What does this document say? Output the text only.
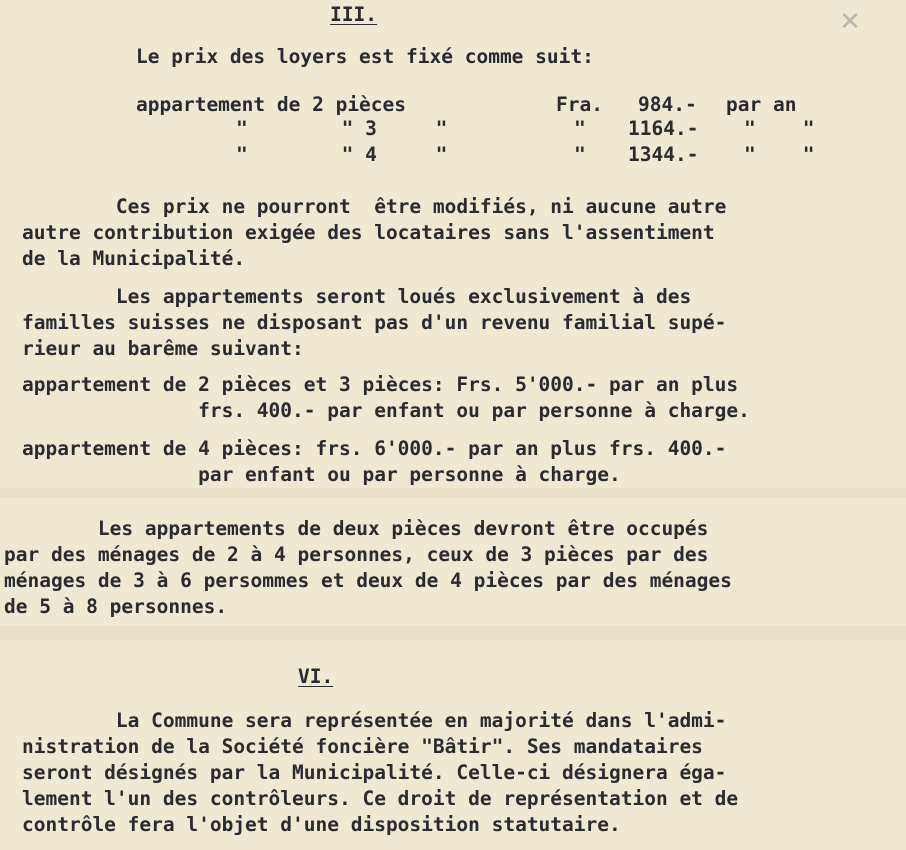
✕
III.
Le prix des loyers est fixé comme suit:
appartement de 2 pièces	Fra. 984.- par an
"        " 3     "	" 1164.- "    "
"        " 4     "	" 1344.- "    "
Ces prix ne pourront  être modifiés, ni aucune autre
autre contribution exigée des locataires sans l'assentiment
de la Municipalité.
Les appartements seront loués exclusivement à des
familles suisses ne disposant pas d'un revenu familial supé-
rieur au barême suivant:
appartement de 2 pièces et 3 pièces: Frs. 5'000.- par an plus
frs. 400.- par enfant ou par personne à charge.
appartement de 4 pièces: frs. 6'000.- par an plus frs. 400.-
par enfant ou par personne à charge.
Les appartements de deux pièces devront être occupés
par des ménages de 2 à 4 personnes, ceux de 3 pièces par des
ménages de 3 à 6 persommes et deux de 4 pièces par des ménages
de 5 à 8 personnes.
VI.
La Commune sera représentée en majorité dans l'admi-
nistration de la Société foncière "Bâtir". Ses mandataires
seront désignés par la Municipalité. Celle-ci désignera éga-
lement l'un des contrôleurs. Ce droit de représentation et de
contrôle fera l'objet d'une disposition statutaire.
